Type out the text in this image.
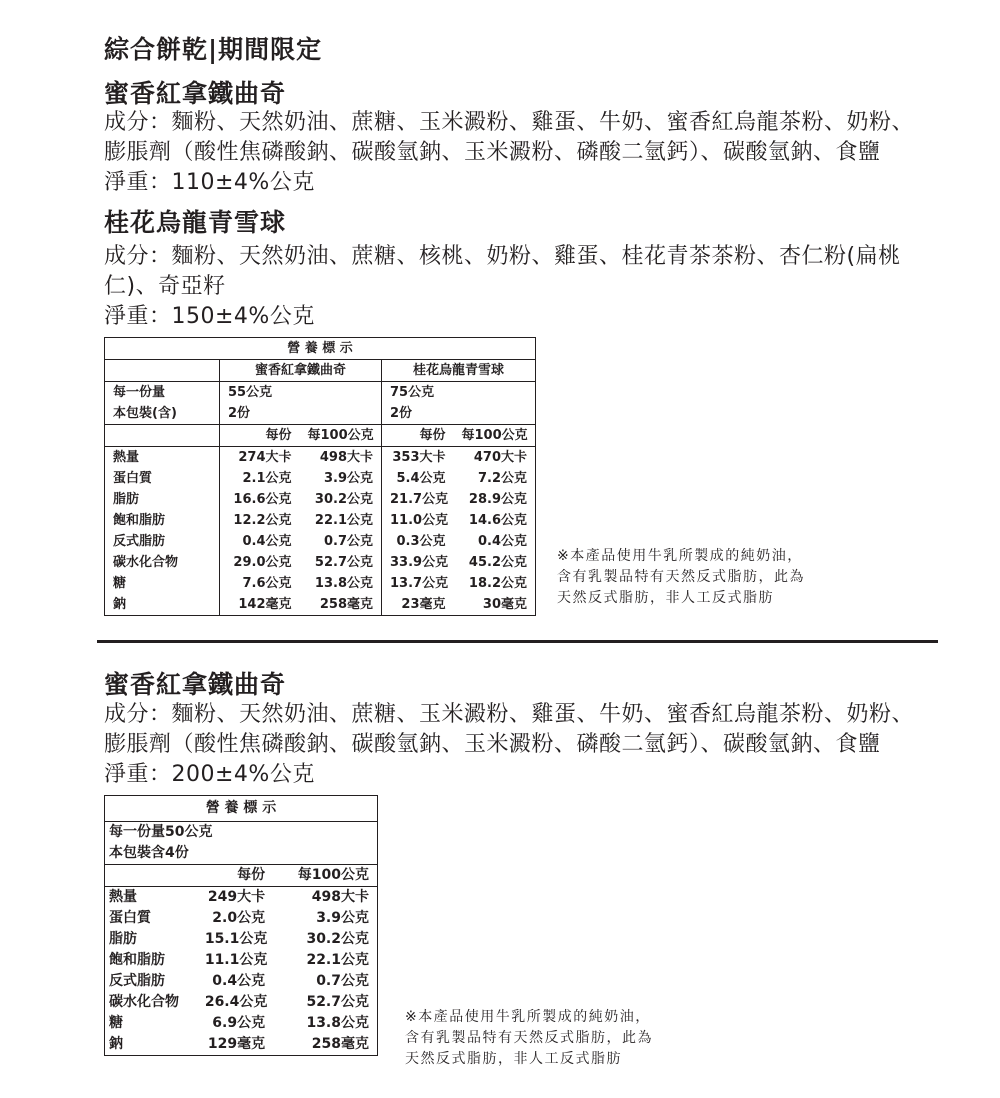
綜合餅乾|期間限定
蜜香紅拿鐵曲奇
成分：麵粉、天然奶油、蔗糖、玉米澱粉、雞蛋、牛奶、蜜香紅烏龍茶粉、奶粉、
膨脹劑（酸性焦磷酸鈉、碳酸氫鈉、玉米澱粉、磷酸二氫鈣）、碳酸氫鈉、食鹽
淨重：110±4%公克
桂花烏龍青雪球
成分：麵粉、天然奶油、蔗糖、核桃、奶粉、雞蛋、桂花青茶茶粉、杏仁粉(扁桃
仁)、奇亞籽
淨重：150±4%公克
營 養 標 示				
	蜜香紅拿鐵曲奇		桂花烏龍青雪球	
每一份量	55公克		75公克	
本包裝(含)	2份		2份	
	每份	每100公克	每份	每100公克
熱量	274大卡	498大卡	353大卡	470大卡
蛋白質	2.1公克	3.9公克	5.4公克	7.2公克
脂肪	16.6公克	30.2公克	21.7公克	28.9公克
飽和脂肪	12.2公克	22.1公克	11.0公克	14.6公克
反式脂肪	0.4公克	0.7公克	0.3公克	0.4公克
碳水化合物	29.0公克	52.7公克	33.9公克	45.2公克
糖	7.6公克	13.8公克	13.7公克	18.2公克
鈉	142毫克	258毫克	23毫克	30毫克
※本產品使用牛乳所製成的純奶油，
含有乳製品特有天然反式脂肪，此為
天然反式脂肪，非人工反式脂肪
蜜香紅拿鐵曲奇
成分：麵粉、天然奶油、蔗糖、玉米澱粉、雞蛋、牛奶、蜜香紅烏龍茶粉、奶粉、
膨脹劑（酸性焦磷酸鈉、碳酸氫鈉、玉米澱粉、磷酸二氫鈣）、碳酸氫鈉、食鹽
淨重：200±4%公克
營 養 標 示		
每一份量50公克		
本包裝含4份		
	每份	每100公克
熱量	249大卡	498大卡
蛋白質	2.0公克	3.9公克
脂肪	15.1公克	30.2公克
飽和脂肪	11.1公克	22.1公克
反式脂肪	0.4公克	0.7公克
碳水化合物	26.4公克	52.7公克
糖	6.9公克	13.8公克
鈉	129毫克	258毫克
※本產品使用牛乳所製成的純奶油，
含有乳製品特有天然反式脂肪，此為
天然反式脂肪，非人工反式脂肪
